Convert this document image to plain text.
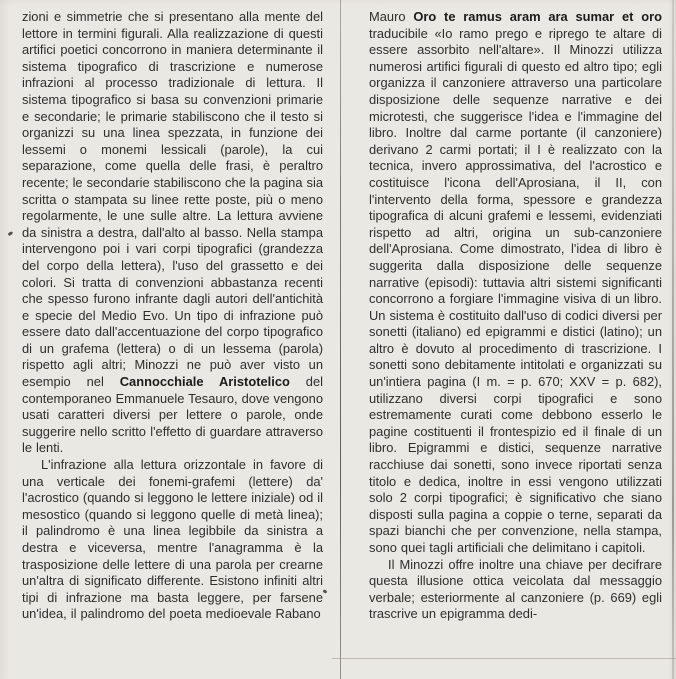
zioni e simmetrie che si presentano alla mente del lettore in termini figurali. Alla realizzazione di questi artifici poetici concorrono in maniera determinante il sistema tipografico di trascrizione e numerose infrazioni al processo tradizionale di lettura. Il sistema tipografico si basa su convenzioni primarie e secondarie; le primarie stabiliscono che il testo si organizzi su una linea spezzata, in funzione dei lessemi o monemi lessicali (parole), la cui separazione, come quella delle frasi, è peraltro recente; le secondarie stabiliscono che la pagina sia scritta o stampata su linee rette poste, più o meno regolarmente, le une sulle altre. La lettura avviene da sinistra a destra, dall'alto al basso. Nella stampa intervengono poi i vari corpi tipografici (grandezza del corpo della lettera), l'uso del grassetto e dei colori. Si tratta di convenzioni abbastanza recenti che spesso furono infrante dagli autori dell'antichità e specie del Medio Evo. Un tipo di infrazione può essere dato dall'accentuazione del corpo tipografico di un grafema (lettera) o di un lessema (parola) rispetto agli altri; Minozzi ne può aver visto un esempio nel Cannocchiale Aristotelico del contemporaneo Emmanuele Tesauro, dove vengono usati caratteri diversi per lettere o parole, onde suggerire nello scritto l'effetto di guardare attraverso le lenti.

L'infrazione alla lettura orizzontale in favore di una verticale dei fonemi-grafemi (lettere) da' l'acrostico (quando si leggono le lettere iniziale) od il mesostico (quando si leggono quelle di metà linea); il palindromo è una linea legibbile da sinistra a destra e viceversa, mentre l'anagramma è la trasposizione delle lettere di una parola per crearne un'altra di significato differente. Esistono infiniti altri tipi di infrazione ma basta leggere, per farsene un'idea, il palindromo del poeta medioevale Rabano

Mauro Oro te ramus aram ara sumar et oro traducibile «Io ramo prego e riprego te altare di essere assorbito nell'altare». Il Minozzi utilizza numerosi artifici figurali di questo ed altro tipo; egli organizza il canzoniere attraverso una particolare disposizione delle sequenze narrative e dei microtesti, che suggerisce l'idea e l'immagine del libro. Inoltre dal carme portante (il canzoniere) derivano 2 carmi portati; il I è realizzato con la tecnica, invero approssimativa, del l'acrostico e costituisce l'icona dell'Aprosiana, il II, con l'intervento della forma, spessore e grandezza tipografica di alcuni grafemi e lessemi, evidenziati rispetto ad altri, origina un sub-canzoniere dell'Aprosiana. Come dimostrato, l'idea di libro è suggerita dalla disposizione delle sequenze narrative (episodi): tuttavia altri sistemi significanti concorrono a forgiare l'immagine visiva di un libro. Un sistema è costituito dall'uso di codici diversi per sonetti (italiano) ed epigrammi e distici (latino); un altro è dovuto al procedimento di trascrizione. I sonetti sono debitamente intitolati e organizzati su un'intiera pagina (I m. = p. 670; XXV = p. 682), utilizzano diversi corpi tipografici e sono estremamente curati come debbono esserlo le pagine costituenti il frontespizio ed il finale di un libro. Epigrammi e distici, sequenze narrative racchiuse dai sonetti, sono invece riportati senza titolo e dedica, inoltre in essi vengono utilizzati solo 2 corpi tipografici; è significativo che siano disposti sulla pagina a coppie o terne, separati da spazi bianchi che per convenzione, nella stampa, sono quei tagli artificiali che delimitano i capitoli.

Il Minozzi offre inoltre una chiave per decifrare questa illusione ottica veicolata dal messaggio verbale; esteriormente al canzoniere (p. 669) egli trascrive un epigramma dedi-
